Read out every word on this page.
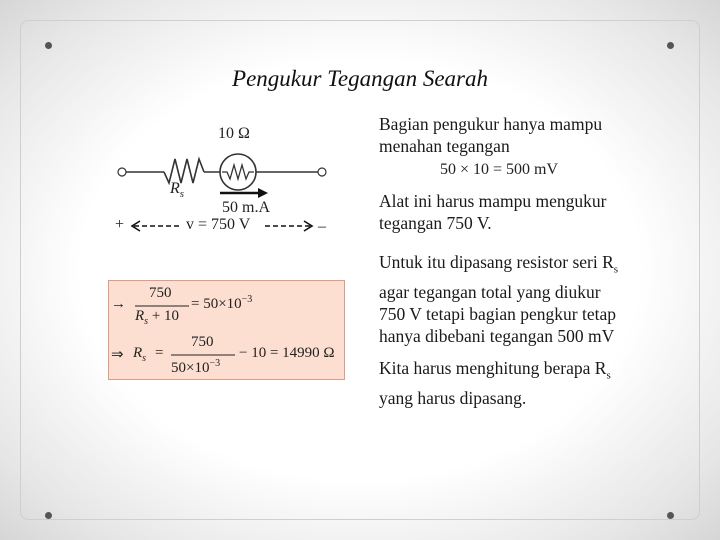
Pengukur Tegangan Searah
10 Ω
$R_s$
50 m.A
+	v = 750 V	–
→
750
$R_s + 10$
= $50\times 10^{-3}$
⇒ $R_s$ =
750
$50\times 10^{-3}$
− 10 = 14990 Ω
Bagian pengukur hanya mampu
menahan tegangan
50 × 10 = 500 mV
Alat ini harus mampu mengukur
tegangan 750 V.
Untuk itu dipasang resistor seri $R_s$
agar tegangan total yang diukur
750 V tetapi bagian pengkur tetap
hanya dibebani tegangan 500 mV
Kita harus menghitung berapa $R_s$
yang harus dipasang.
